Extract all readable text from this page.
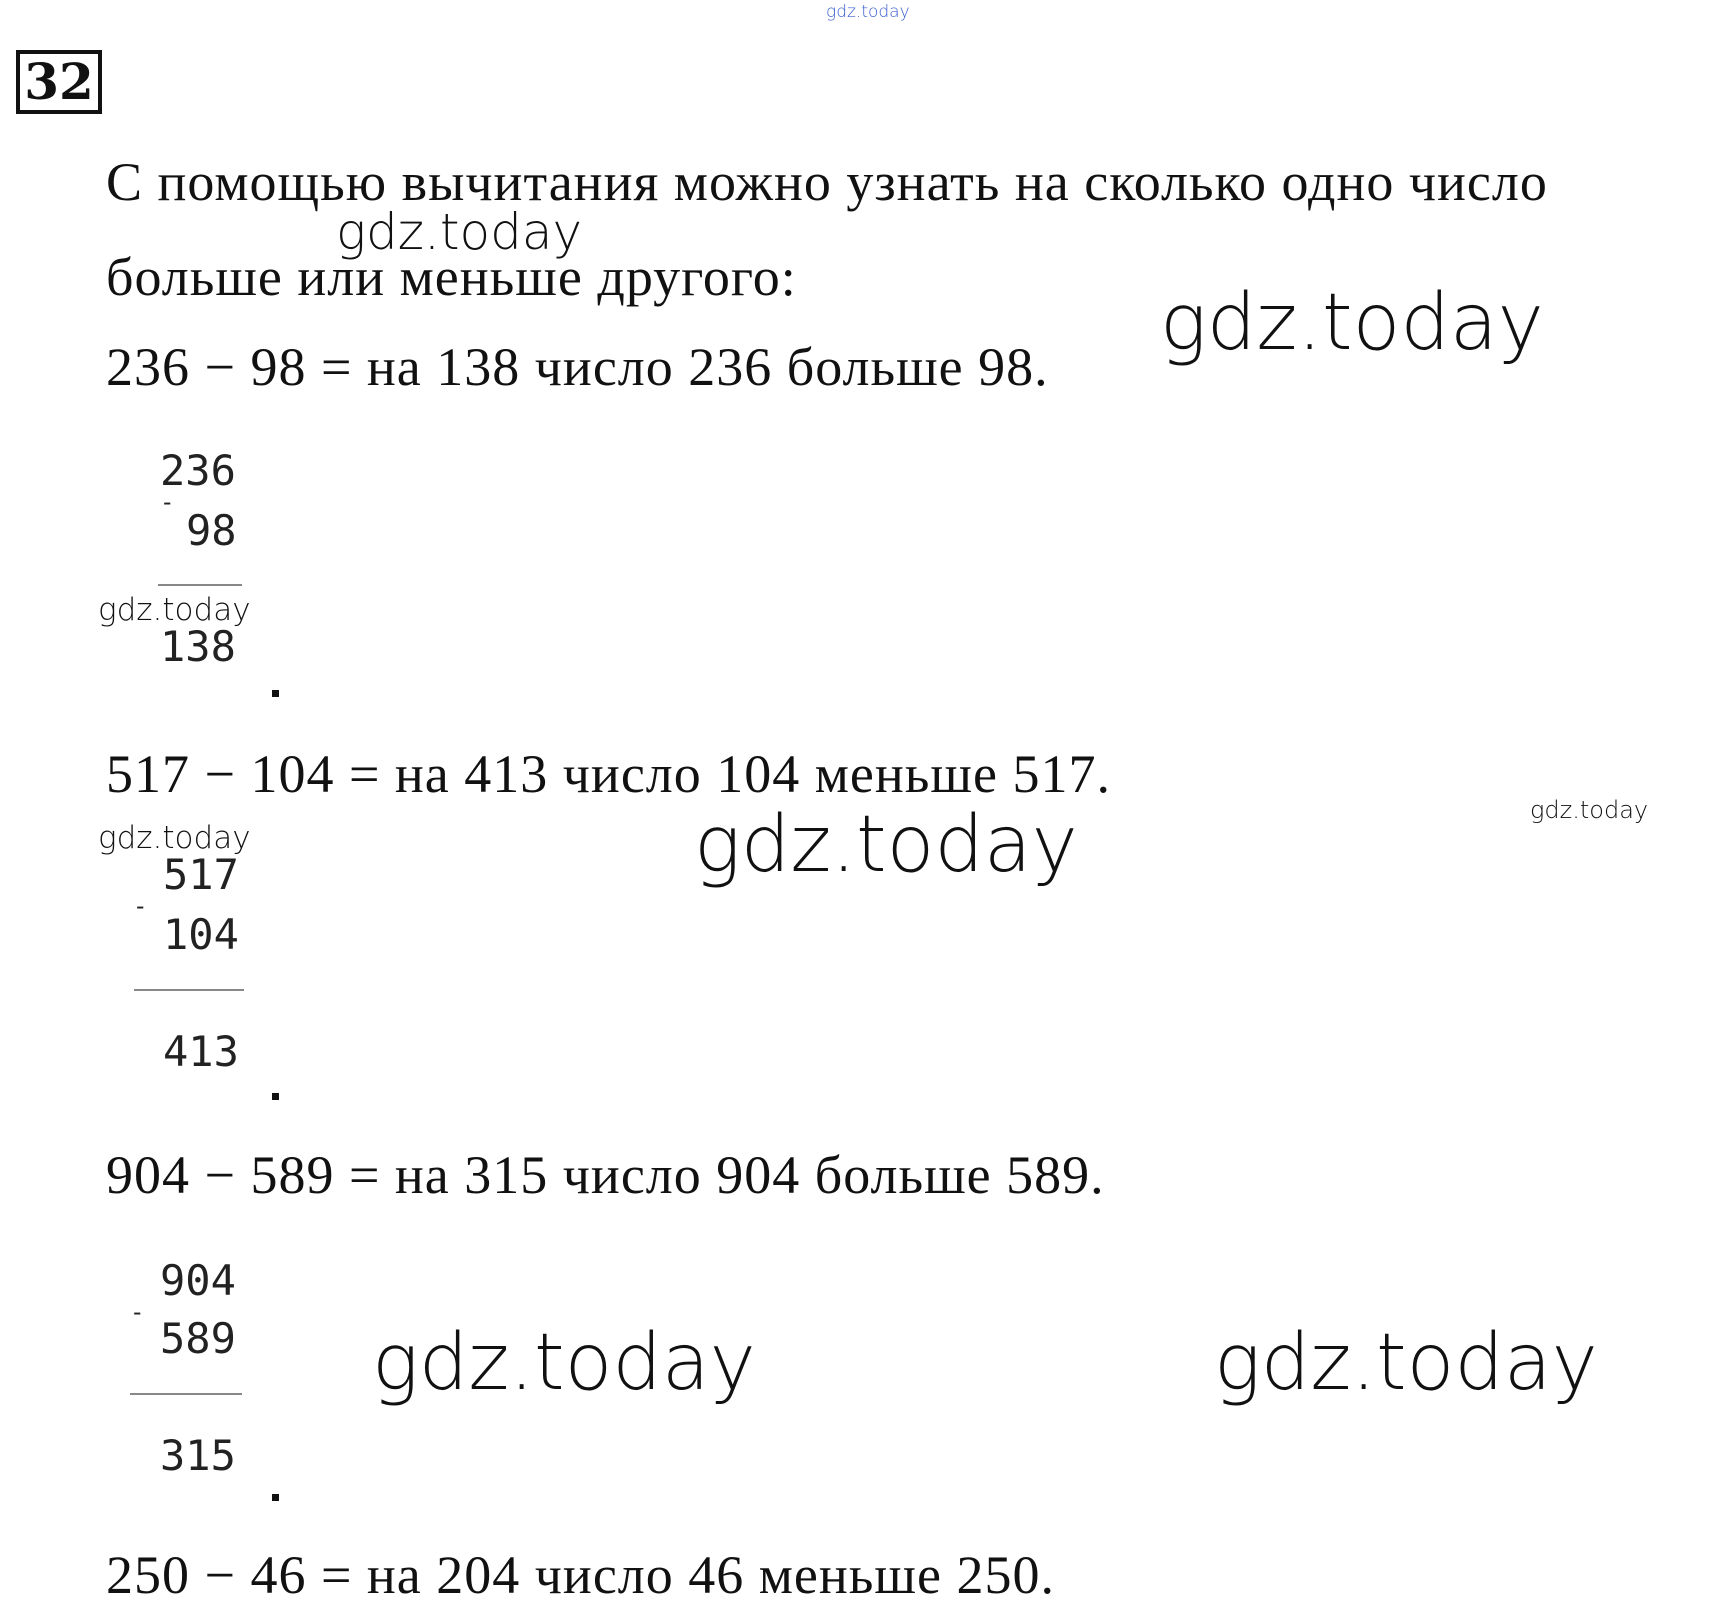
gdz.today
32
С помощью вычитания можно узнать на сколько одно число
больше или меньше другого:
236 − 98 = на 138 число 236 больше 98.
236
-
98
138
517 − 104 = на 413 число 104 меньше 517.
517
-
104
413
904 − 589 = на 315 число 904 больше 589.
904
-
589
315
250 − 46 = на 204 число 46 меньше 250.
gdz.today
gdz.today
gdz.today
gdz.today
gdz.today
gdz.today
gdz.today	gdz.today
